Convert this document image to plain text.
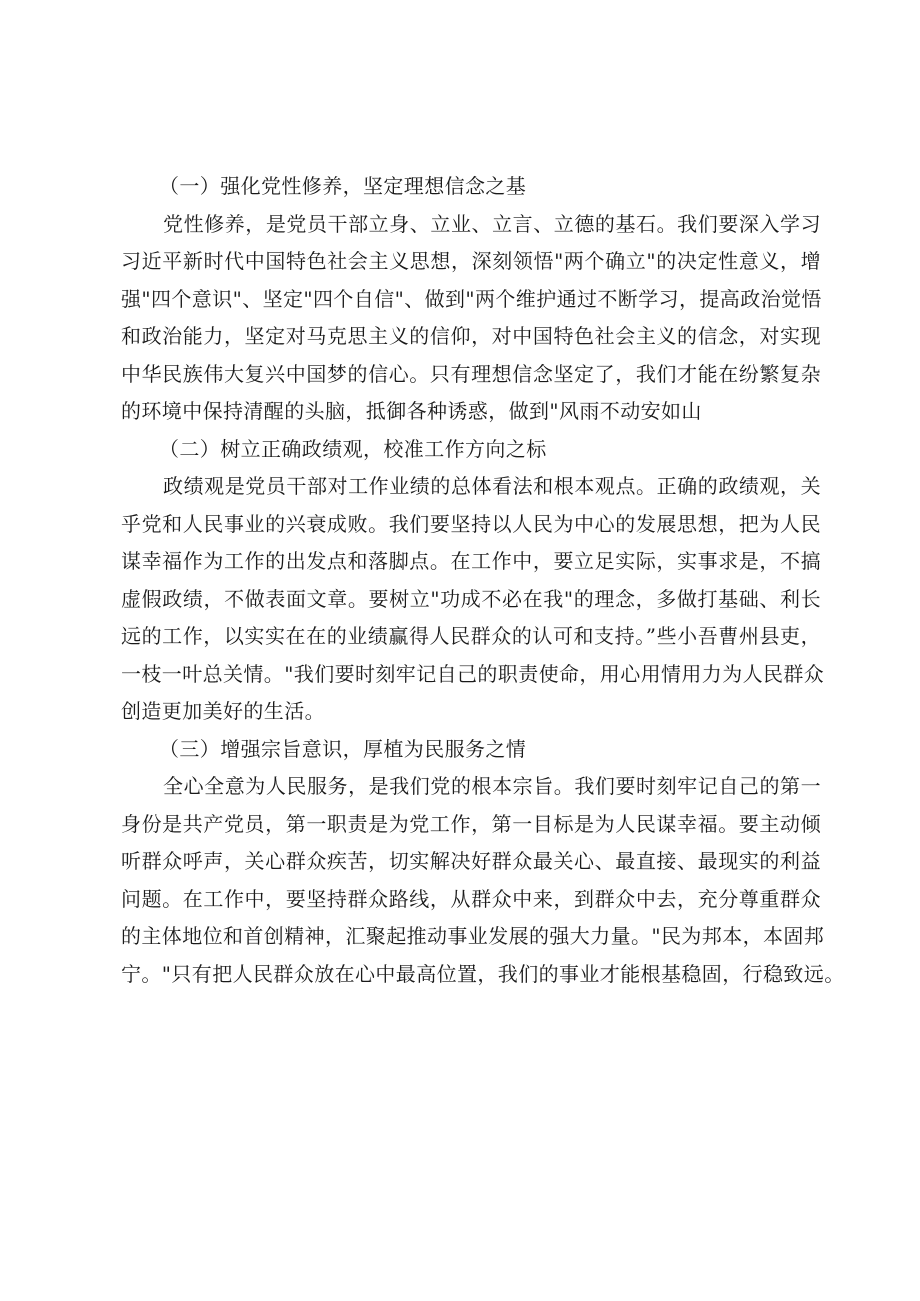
（一）强化党性修养，坚定理想信念之基
党性修养，是党员干部立身、立业、立言、立德的基石。我们要深入学习
习近平新时代中国特色社会主义思想，深刻领悟"两个确立"的决定性意义，增
强"四个意识"、坚定"四个自信"、做到"两个维护通过不断学习，提高政治觉悟
和政治能力，坚定对马克思主义的信仰，对中国特色社会主义的信念，对实现
中华民族伟大复兴中国梦的信心。只有理想信念坚定了，我们才能在纷繁复杂
的环境中保持清醒的头脑，抵御各种诱惑，做到"风雨不动安如山
（二）树立正确政绩观，校准工作方向之标
政绩观是党员干部对工作业绩的总体看法和根本观点。正确的政绩观，关
乎党和人民事业的兴衰成败。我们要坚持以人民为中心的发展思想，把为人民
谋幸福作为工作的出发点和落脚点。在工作中，要立足实际，实事求是，不搞
虚假政绩，不做表面文章。要树立"功成不必在我"的理念，多做打基础、利长
远的工作，以实实在在的业绩赢得人民群众的认可和支持。”些小吾曹州县吏，
一枝一叶总关情。"我们要时刻牢记自己的职责使命，用心用情用力为人民群众
创造更加美好的生活。
（三）增强宗旨意识，厚植为民服务之情
全心全意为人民服务，是我们党的根本宗旨。我们要时刻牢记自己的第一
身份是共产党员，第一职责是为党工作，第一目标是为人民谋幸福。要主动倾
听群众呼声，关心群众疾苦，切实解决好群众最关心、最直接、最现实的利益
问题。在工作中，要坚持群众路线，从群众中来，到群众中去，充分尊重群众
的主体地位和首创精神，汇聚起推动事业发展的强大力量。"民为邦本，本固邦
宁。"只有把人民群众放在心中最高位置，我们的事业才能根基稳固，行稳致远。
